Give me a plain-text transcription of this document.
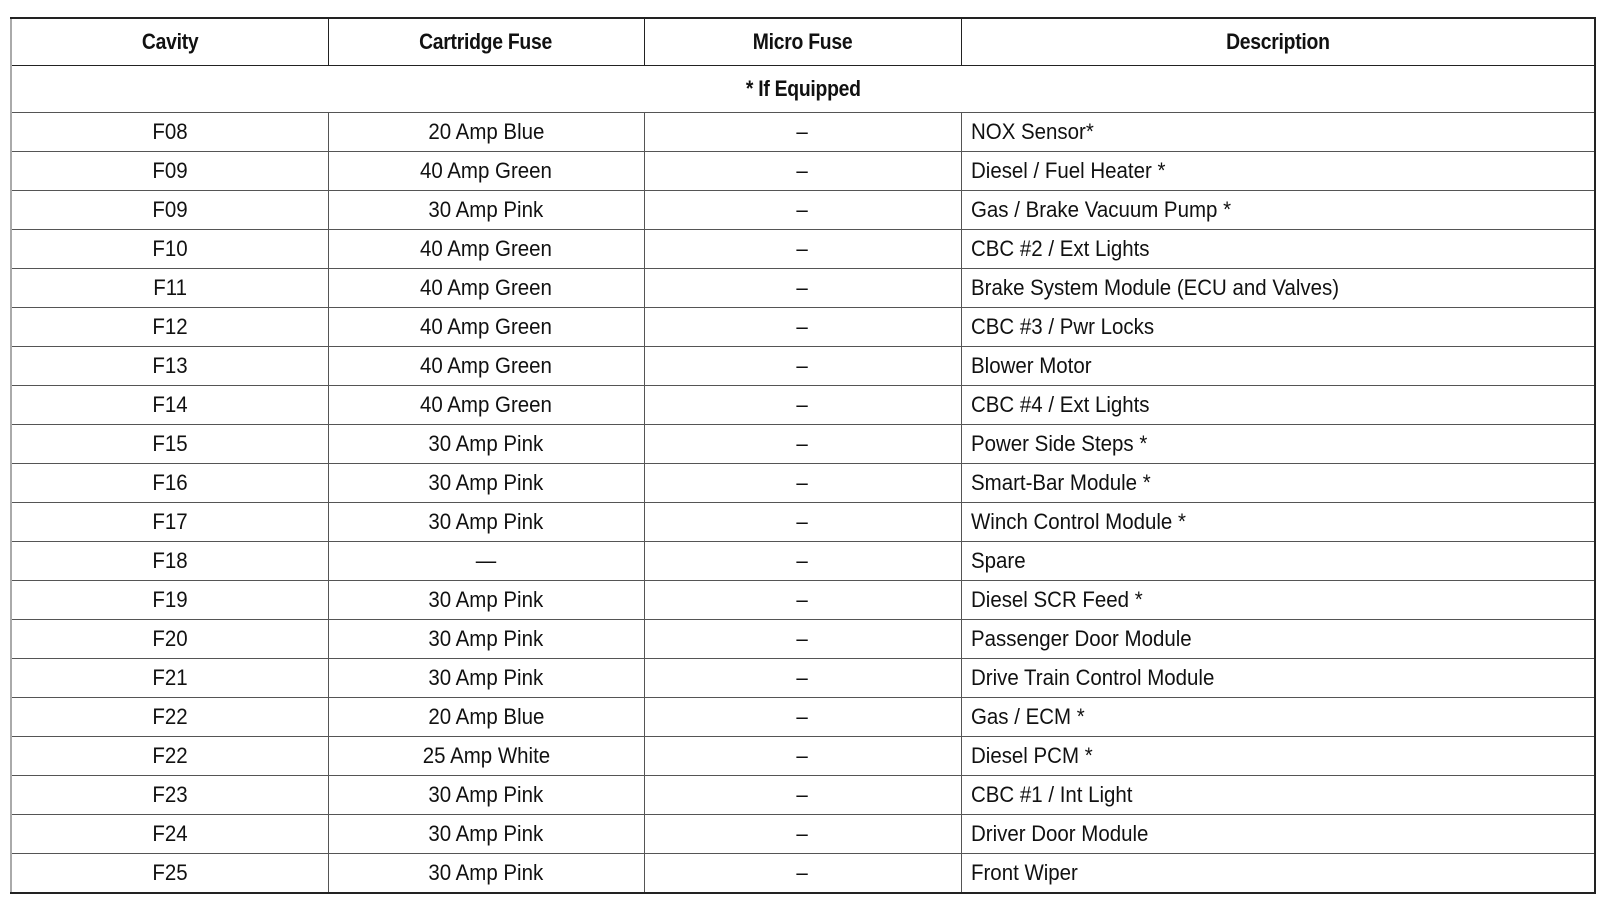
Cavity	Cartridge Fuse	Micro Fuse	Description
* If Equipped			
F08	20 Amp Blue	–	NOX Sensor*
F09	40 Amp Green	–	Diesel / Fuel Heater *
F09	30 Amp Pink	–	Gas / Brake Vacuum Pump *
F10	40 Amp Green	–	CBC #2 / Ext Lights
F11	40 Amp Green	–	Brake System Module (ECU and Valves)
F12	40 Amp Green	–	CBC #3 / Pwr Locks
F13	40 Amp Green	–	Blower Motor
F14	40 Amp Green	–	CBC #4 / Ext Lights
F15	30 Amp Pink	–	Power Side Steps *
F16	30 Amp Pink	–	Smart-Bar Module *
F17	30 Amp Pink	–	Winch Control Module *
F18	—	–	Spare
F19	30 Amp Pink	–	Diesel SCR Feed *
F20	30 Amp Pink	–	Passenger Door Module
F21	30 Amp Pink	–	Drive Train Control Module
F22	20 Amp Blue	–	Gas / ECM *
F22	25 Amp White	–	Diesel PCM *
F23	30 Amp Pink	–	CBC #1 / Int Light
F24	30 Amp Pink	–	Driver Door Module
F25	30 Amp Pink	–	Front Wiper
